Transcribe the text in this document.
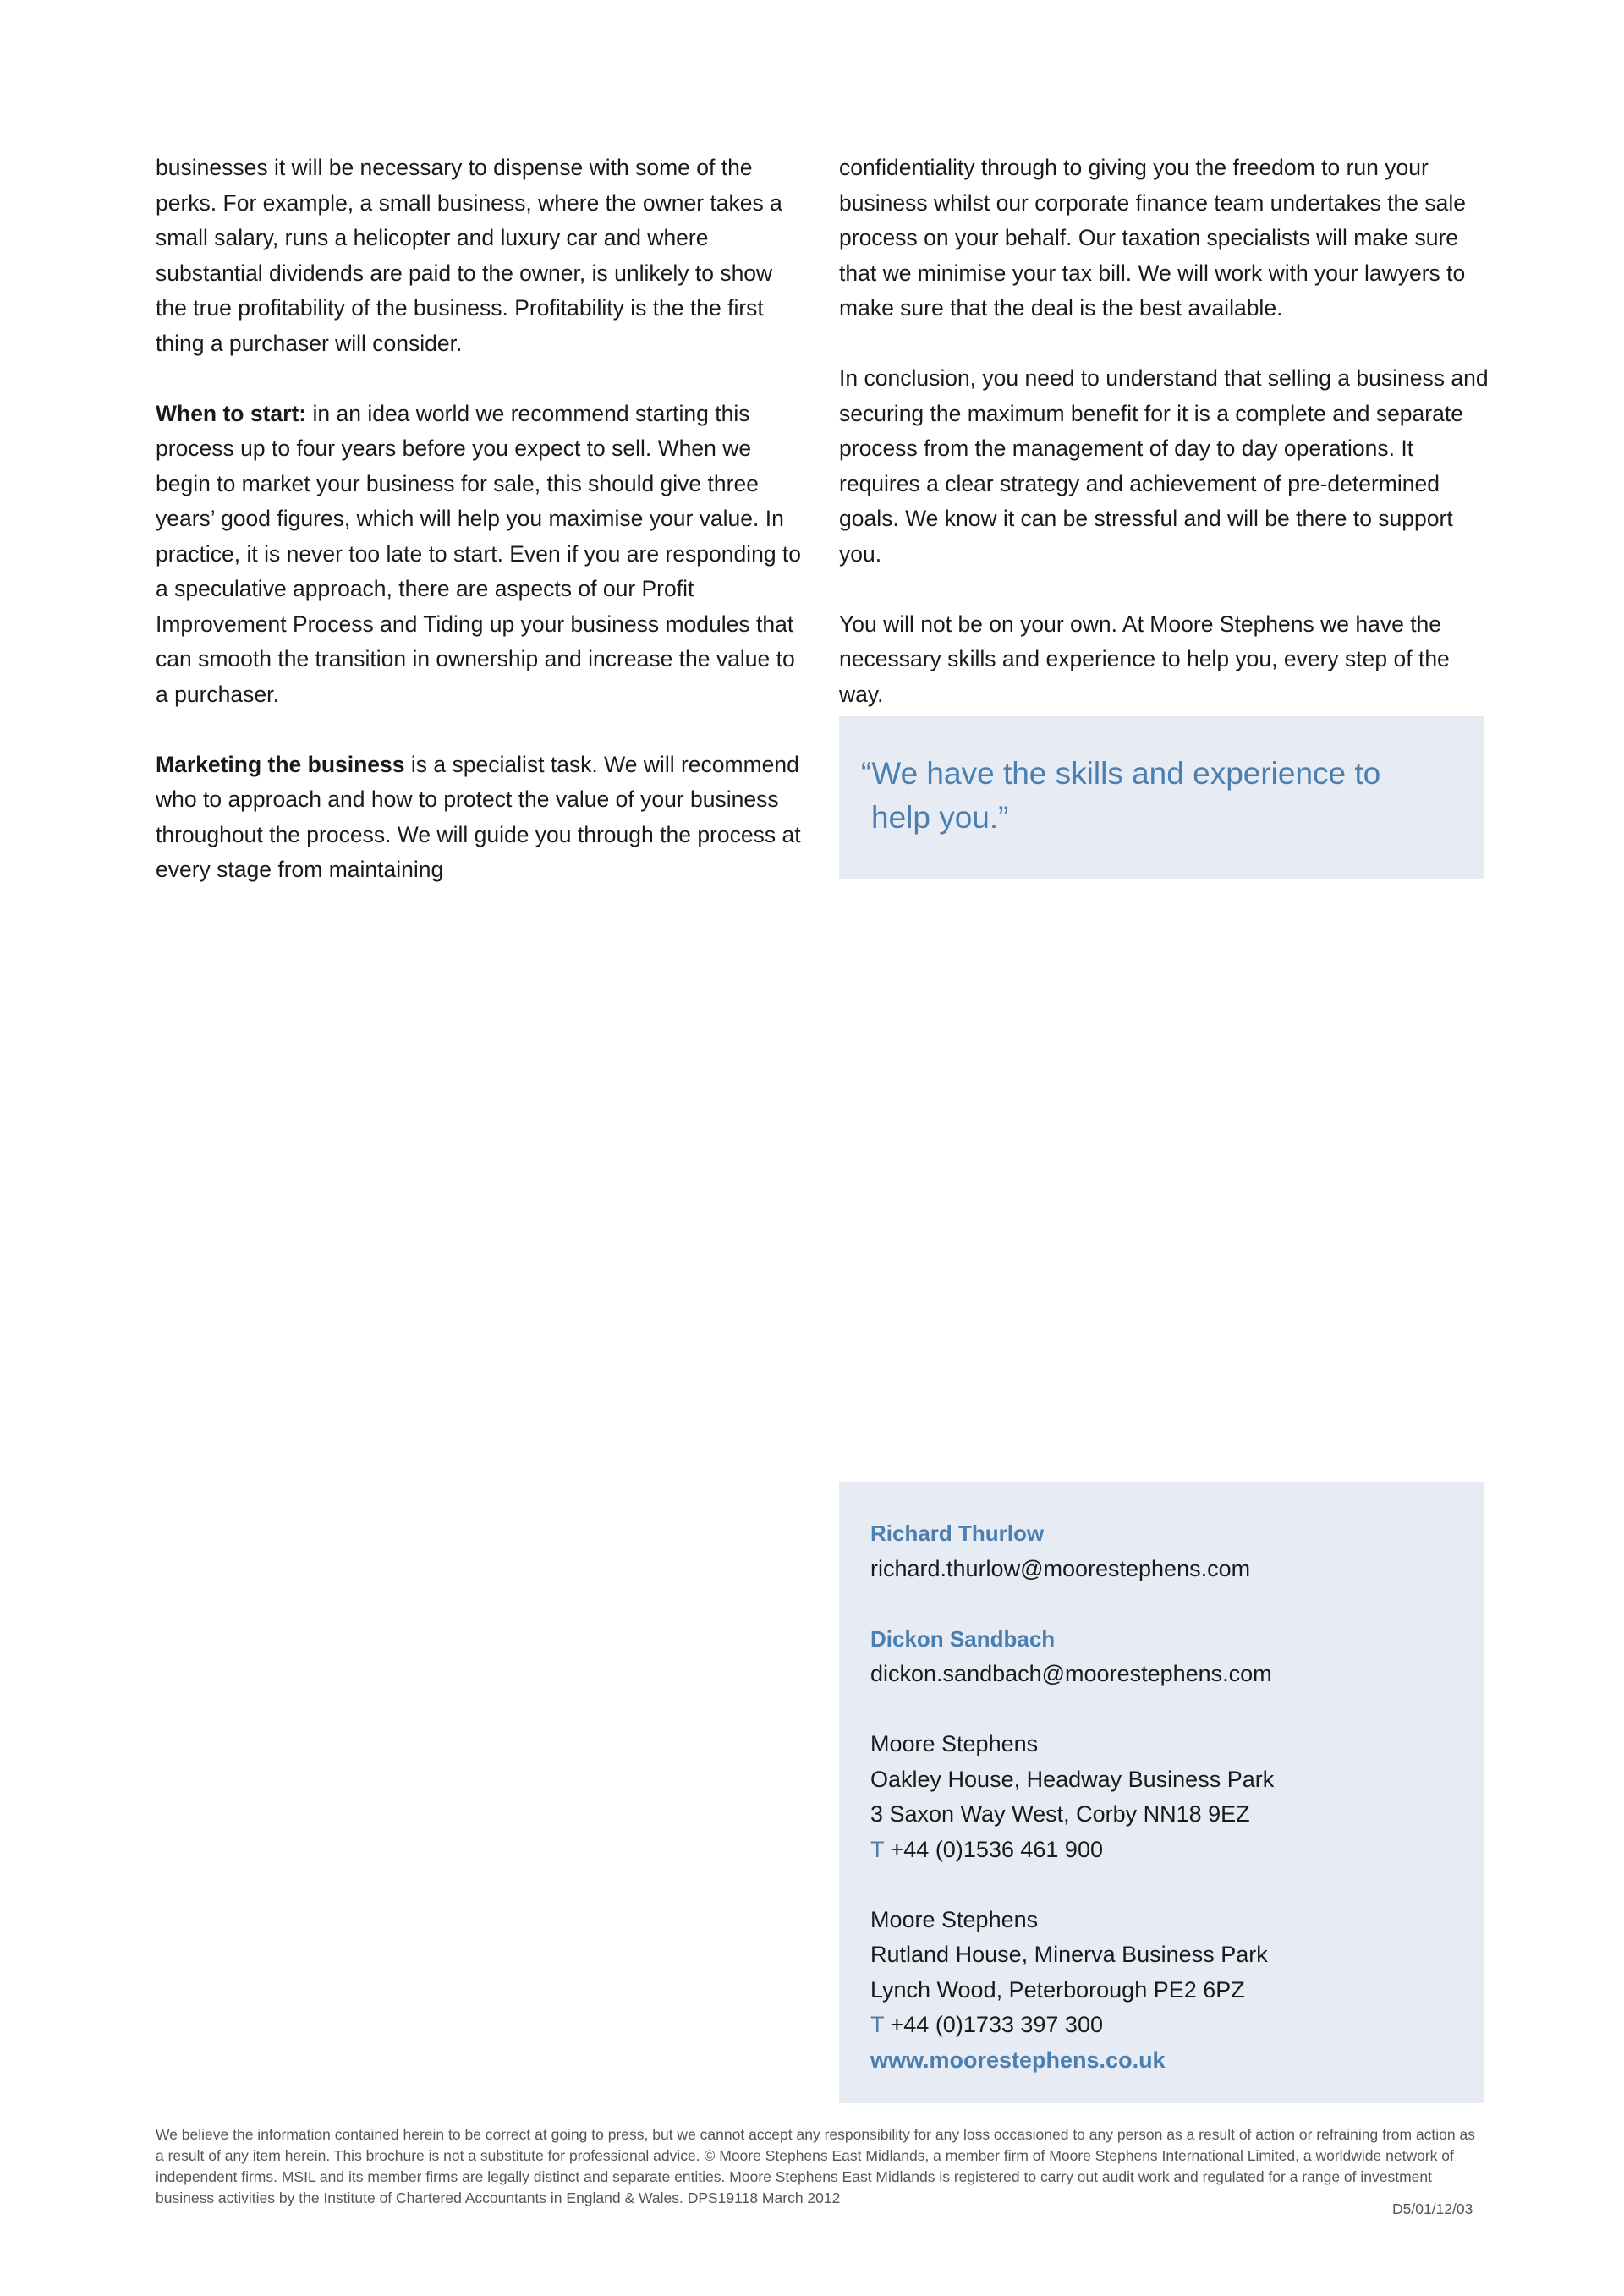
businesses it will be necessary to dispense with some of the perks. For example, a small business, where the owner takes a small salary, runs a helicopter and luxury car and where substantial dividends are paid to the owner, is unlikely to show the true profitability of the business. Profitability is the the first thing a purchaser will consider.

When to start: in an idea world we recommend starting this process up to four years before you expect to sell. When we begin to market your business for sale, this should give three years’ good figures, which will help you maximise your value. In practice, it is never too late to start. Even if you are responding to a speculative approach, there are aspects of our Profit Improvement Process and Tiding up your business modules that can smooth the transition in ownership and increase the value to a purchaser.

Marketing the business is a specialist task. We will recommend who to approach and how to protect the value of your business throughout the process. We will guide you through the process at every stage from maintaining

confidentiality through to giving you the freedom to run your business whilst our corporate finance team undertakes the sale process on your behalf. Our taxation specialists will make sure that we minimise your tax bill. We will work with your lawyers to make sure that the deal is the best available.

In conclusion, you need to understand that selling a business and securing the maximum benefit for it is a complete and separate process from the management of day to day operations. It requires a clear strategy and achievement of pre-determined goals. We know it can be stressful and will be there to support you.

You will not be on your own. At Moore Stephens we have the necessary skills and experience to help you, every step of the way.

“We have the skills and experience to
help you.”
Richard Thurlow
richard.thurlow@moorestephens.com
Dickon Sandbach
dickon.sandbach@moorestephens.com
Moore Stephens
Oakley House, Headway Business Park
3 Saxon Way West, Corby NN18 9EZ
T +44 (0)1536 461 900
Moore Stephens
Rutland House, Minerva Business Park
Lynch Wood, Peterborough PE2 6PZ
T +44 (0)1733 397 300
www.moorestephens.co.uk
We believe the information contained herein to be correct at going to press, but we cannot accept any responsibility for any loss occasioned to any person as a result of action or refraining from action as a result of any item herein. This brochure is not a substitute for professional advice. © Moore Stephens East Midlands, a member firm of Moore Stephens International Limited, a worldwide network of independent firms. MSIL and its member firms are legally distinct and separate entities. Moore Stephens East Midlands is registered to carry out audit work and regulated for a range of investment business activities by the Institute of Chartered Accountants in England & Wales. DPS19118 March 2012
D5/01/12/03
